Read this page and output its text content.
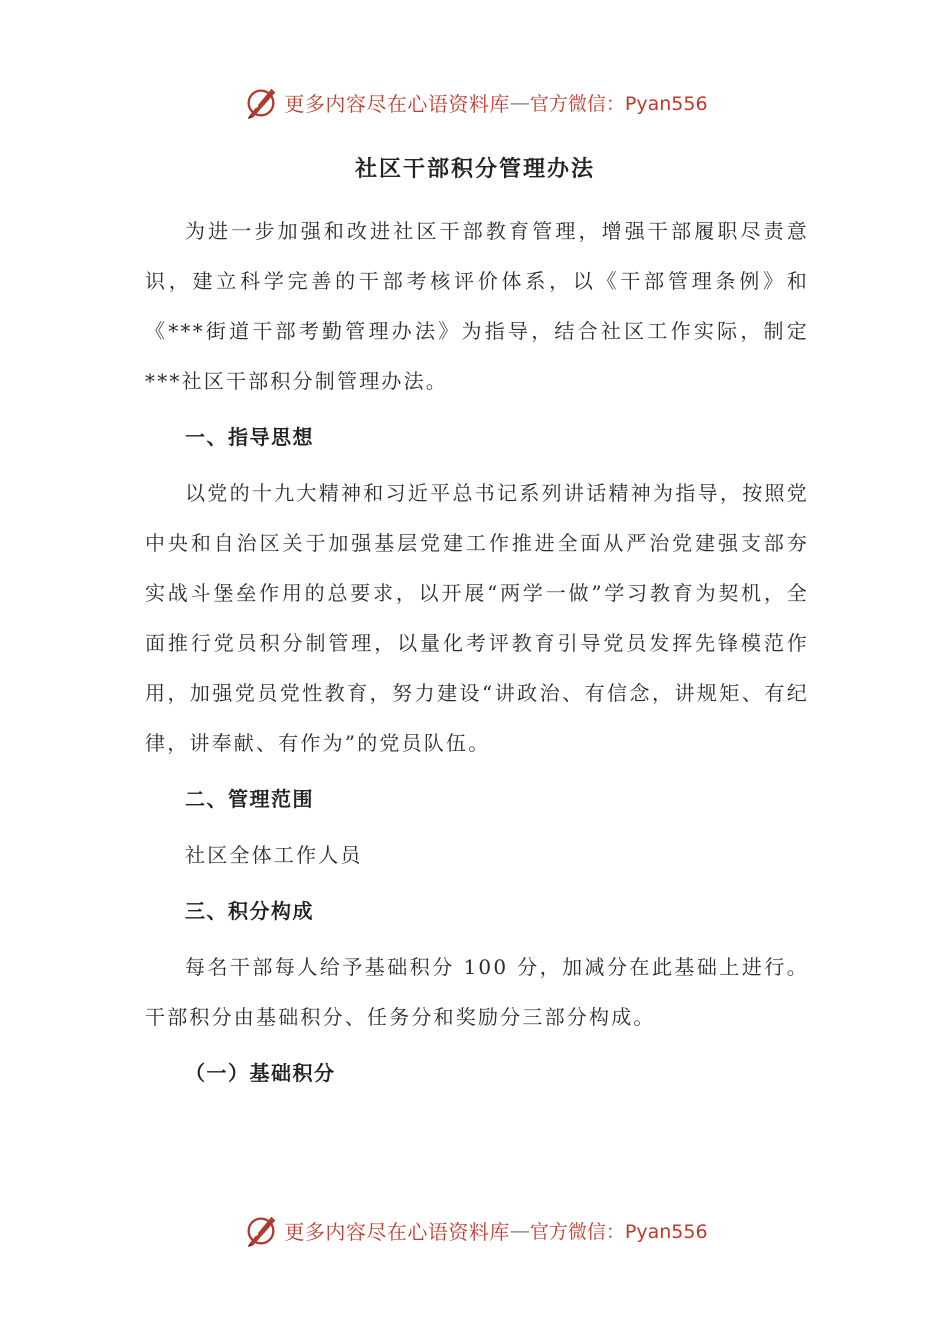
更多内容尽在心语资料库 — 官方微信：Pyan556
社区干部积分管理办法

为进一步加强和改进社区干部教育管理，增强干部履职尽责意识，建立科学完善的干部考核评价体系，以《干部管理条例》和《***街道干部考勤管理办法》为指导，结合社区工作实际，制定***社区干部积分制管理办法。

一、指导思想

以党的十九大精神和习近平总书记系列讲话精神为指导，按照党中央和自治区关于加强基层党建工作推进全面从严治党建强支部夯实战斗堡垒作用的总要求，以开展“两学一做”学习教育为契机，全面推行党员积分制管理，以量化考评教育引导党员发挥先锋模范作用，加强党员党性教育，努力建设“讲政治、有信念，讲规矩、有纪律，讲奉献、有作为”的党员队伍。

二、管理范围

社区全体工作人员

三、积分构成

每名干部每人给予基础积分 100 分，加减分在此基础上进行。干部积分由基础积分、任务分和奖励分三部分构成。

（一）基础积分
更多内容尽在心语资料库 — 官方微信：Pyan556
